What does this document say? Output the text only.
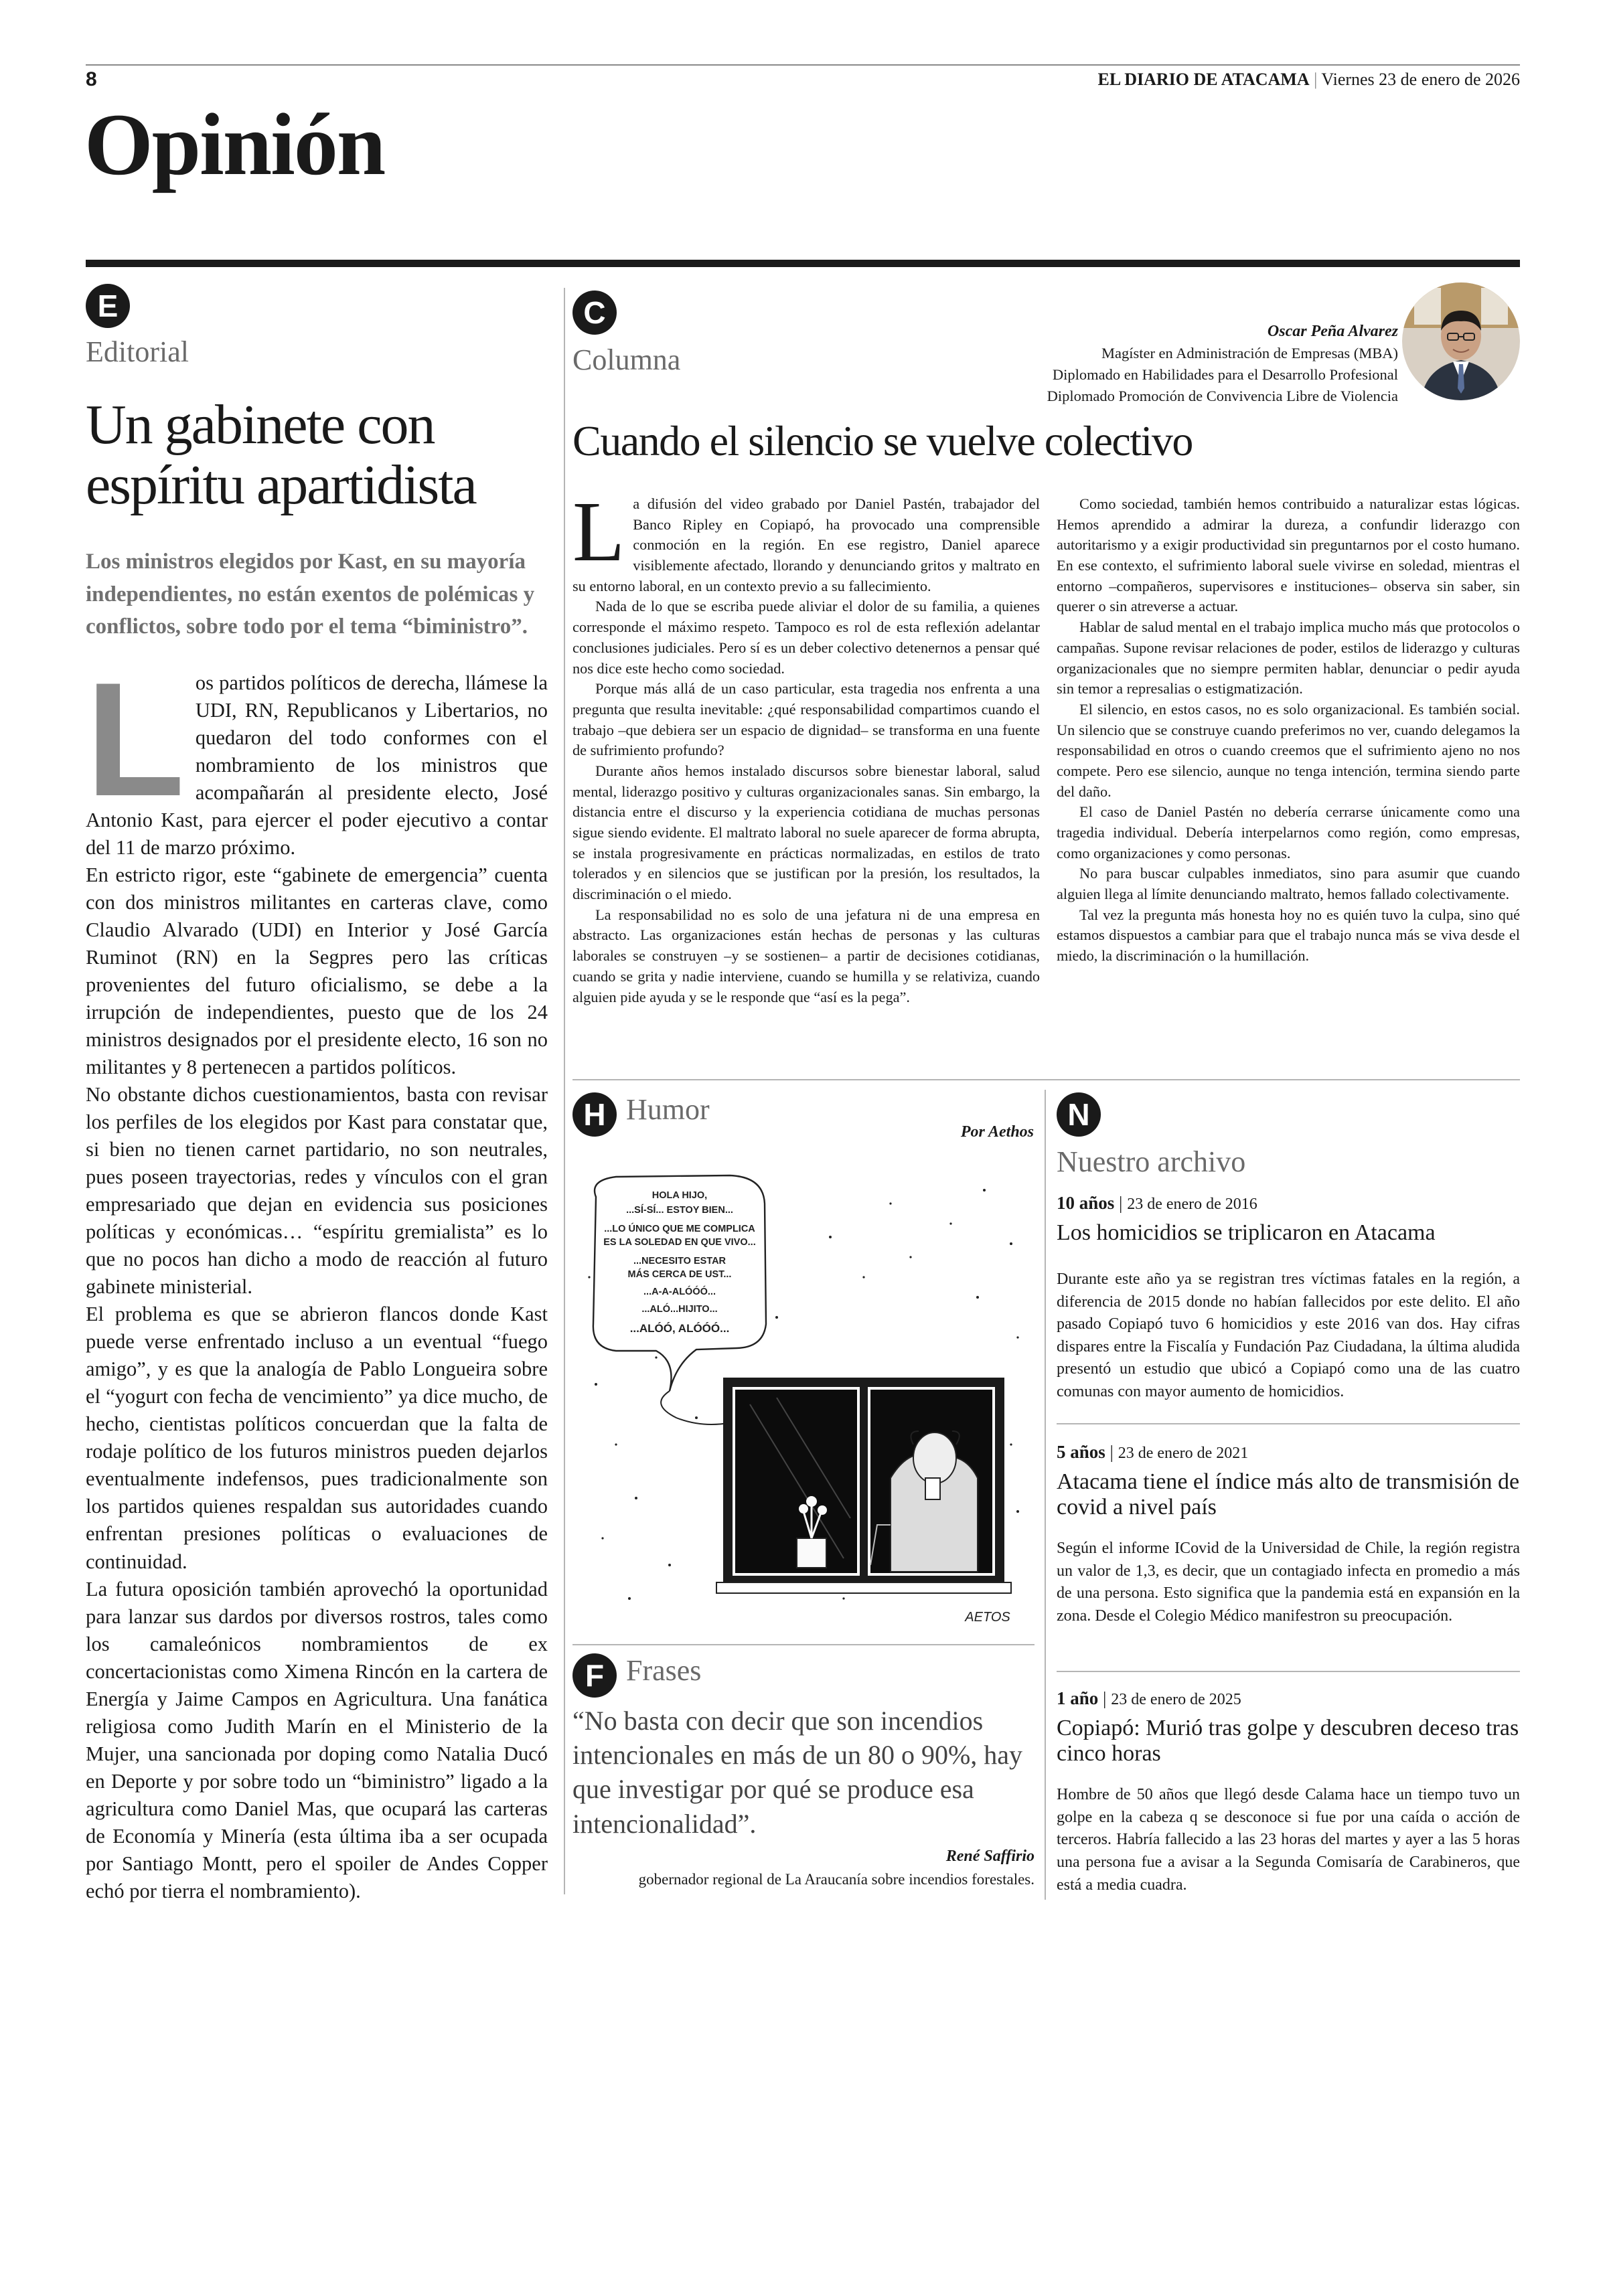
8	EL DIARIO DE ATACAMA | Viernes 23 de enero de 2026
Opinión
E
Editorial
Un gabinete con espíritu apartidista
Los ministros elegidos por Kast, en su mayoría independientes, no están exentos de polémicas y conflictos, sobre todo por el tema “biministro”.

Los partidos políticos de derecha, llámese la UDI, RN, Republicanos y Libertarios, no quedaron del todo conformes con el nombramiento de los ministros que acompañarán al presidente electo, José Antonio Kast, para ejercer el poder ejecutivo a contar del 11 de marzo próximo.

En estricto rigor, este “gabinete de emergencia” cuenta con dos ministros militantes en carteras clave, como Claudio Alvarado (UDI) en Interior y José García Ruminot (RN) en la Segpres pero las críticas provenientes del futuro oficialismo, se debe a la irrupción de independientes, puesto que de los 24 ministros designados por el presidente electo, 16 son no militantes y 8 pertenecen a partidos políticos.

No obstante dichos cuestionamientos, basta con revisar los perfiles de los elegidos por Kast para constatar que, si bien no tienen carnet partidario, no son neutrales, pues poseen trayectorias, redes y vínculos con el gran empresariado que dejan en evidencia sus posiciones políticas y económicas… “espíritu gremialista” es lo que no pocos han dicho a modo de reacción al futuro gabinete ministerial.

El problema es que se abrieron flancos donde Kast puede verse enfrentado incluso a un eventual “fuego amigo”, y es que la analogía de Pablo Longueira sobre el “yogurt con fecha de vencimiento” ya dice mucho, de hecho, cientistas políticos concuerdan que la falta de rodaje político de los futuros ministros pueden dejarlos eventualmente indefensos, pues tradicionalmente son los partidos quienes respaldan sus autoridades cuando enfrentan presiones políticas o evaluaciones de continuidad.

La futura oposición también aprovechó la oportunidad para lanzar sus dardos por diversos rostros, tales como los camaleónicos nombramientos de ex concertacionistas como Ximena Rincón en la cartera de Energía y Jaime Campos en Agricultura. Una fanática religiosa como Judith Marín en el Ministerio de la Mujer, una sancionada por doping como Natalia Ducó en Deporte y por sobre todo un “biministro” ligado a la agricultura como Daniel Mas, que ocupará las carteras de Economía y Minería (esta última iba a ser ocupada por Santiago Montt, pero el spoiler de Andes Copper echó por tierra el nombramiento).

C
Columna
Oscar Peña Alvarez
Magíster en Administración de Empresas (MBA)
Diplomado en Habilidades para el Desarrollo Profesional
Diplomado Promoción de Convivencia Libre de Violencia
Cuando el silencio se vuelve colectivo

La difusión del video grabado por Daniel Pastén, trabajador del Banco Ripley en Copiapó, ha provocado una comprensible conmoción en la región. En ese registro, Daniel aparece visiblemente afectado, llorando y denunciando gritos y maltrato en su entorno laboral, en un contexto previo a su fallecimiento.

Nada de lo que se escriba puede aliviar el dolor de su familia, a quienes corresponde el máximo respeto. Tampoco es rol de esta reflexión adelantar conclusiones judiciales. Pero sí es un deber colectivo detenernos a pensar qué nos dice este hecho como sociedad.

Porque más allá de un caso particular, esta tragedia nos enfrenta a una pregunta que resulta inevitable: ¿qué responsabilidad compartimos cuando el trabajo –que debiera ser un espacio de dignidad– se transforma en una fuente de sufrimiento profundo?

Durante años hemos instalado discursos sobre bienestar laboral, salud mental, liderazgo positivo y culturas organizacionales sanas. Sin embargo, la distancia entre el discurso y la experiencia cotidiana de muchas personas sigue siendo evidente. El maltrato laboral no suele aparecer de forma abrupta, se instala progresivamente en prácticas normalizadas, en estilos de trato tolerados y en silencios que se justifican por la presión, los resultados, la discriminación o el miedo.

La responsabilidad no es solo de una jefatura ni de una empresa en abstracto. Las organizaciones están hechas de personas y las culturas laborales se construyen –y se sostienen– a partir de decisiones cotidianas, cuando se grita y nadie interviene, cuando se humilla y se relativiza, cuando alguien pide ayuda y se le responde que “así es la pega”.

Como sociedad, también hemos contribuido a naturalizar estas lógicas. Hemos aprendido a admirar la dureza, a confundir liderazgo con autoritarismo y a exigir productividad sin preguntarnos por el costo humano. En ese contexto, el sufrimiento laboral suele vivirse en soledad, mientras el entorno –compañeros, supervisores e instituciones– observa sin saber, sin querer o sin atreverse a actuar.

Hablar de salud mental en el trabajo implica mucho más que protocolos o campañas. Supone revisar relaciones de poder, estilos de liderazgo y culturas organizacionales que no siempre permiten hablar, denunciar o pedir ayuda sin temor a represalias o estigmatización.

El silencio, en estos casos, no es solo organizacional. Es también social. Un silencio que se construye cuando preferimos no ver, cuando delegamos la responsabilidad en otros o cuando creemos que el sufrimiento ajeno no nos compete. Pero ese silencio, aunque no tenga intención, termina siendo parte del daño.

El caso de Daniel Pastén no debería cerrarse únicamente como una tragedia individual. Debería interpelarnos como región, como empresas, como organizaciones y como personas.

No para buscar culpables inmediatos, sino para asumir que cuando alguien llega al límite denunciando maltrato, hemos fallado colectivamente.

Tal vez la pregunta más honesta hoy no es quién tuvo la culpa, sino qué estamos dispuestos a cambiar para que el trabajo nunca más se viva desde el miedo, la discriminación o la humillación.

H Humor
Por Aethos
HOLA HIJO,
...SÍ-SÍ... ESTOY BIEN...
...LO ÚNICO QUE ME COMPLICA
ES LA SOLEDAD EN QUE VIVO...
...NECESITO ESTAR
MÁS CERCA DE UST...
...A-A-ALÓÓÓ...
...ALÓ...HIJITO...
...ALÓÓ, ALÓÓÓ...
AETOS
F Frases
“No basta con decir que son incendios intencionales en más de un 80 o 90%, hay que investigar por qué se produce esa intencionalidad”.
René Saffirio
gobernador regional de La Araucanía sobre incendios forestales.
N
Nuestro archivo
10 años | 23 de enero de 2016
Los homicidios se triplicaron en Atacama
Durante este año ya se registran tres víctimas fatales en la región, a diferencia de 2015 donde no habían fallecidos por este delito. El año pasado Copiapó tuvo 6 homicidios y este 2016 van dos. Hay cifras dispares entre la Fiscalía y Fundación Paz Ciudadana, la última aludida presentó un estudio que ubicó a Copiapó como una de las cuatro comunas con mayor aumento de homicidios.
5 años | 23 de enero de 2021
Atacama tiene el índice más alto de transmisión de covid a nivel país
Según el informe ICovid de la Universidad de Chile, la región registra un valor de 1,3, es decir, que un contagiado infecta en promedio a más de una persona. Esto significa que la pandemia está en expansión en la zona. Desde el Colegio Médico manifestron su preocupación.
1 año | 23 de enero de 2025
Copiapó: Murió tras golpe y descubren deceso tras cinco horas
Hombre de 50 años que llegó desde Calama hace un tiempo tuvo un golpe en la cabeza q se desconoce si fue por una caída o acción de terceros. Habría fallecido a las 23 horas del martes y ayer a las 5 horas una persona fue a avisar a la Segunda Comisaría de Carabineros, que está a media cuadra.
